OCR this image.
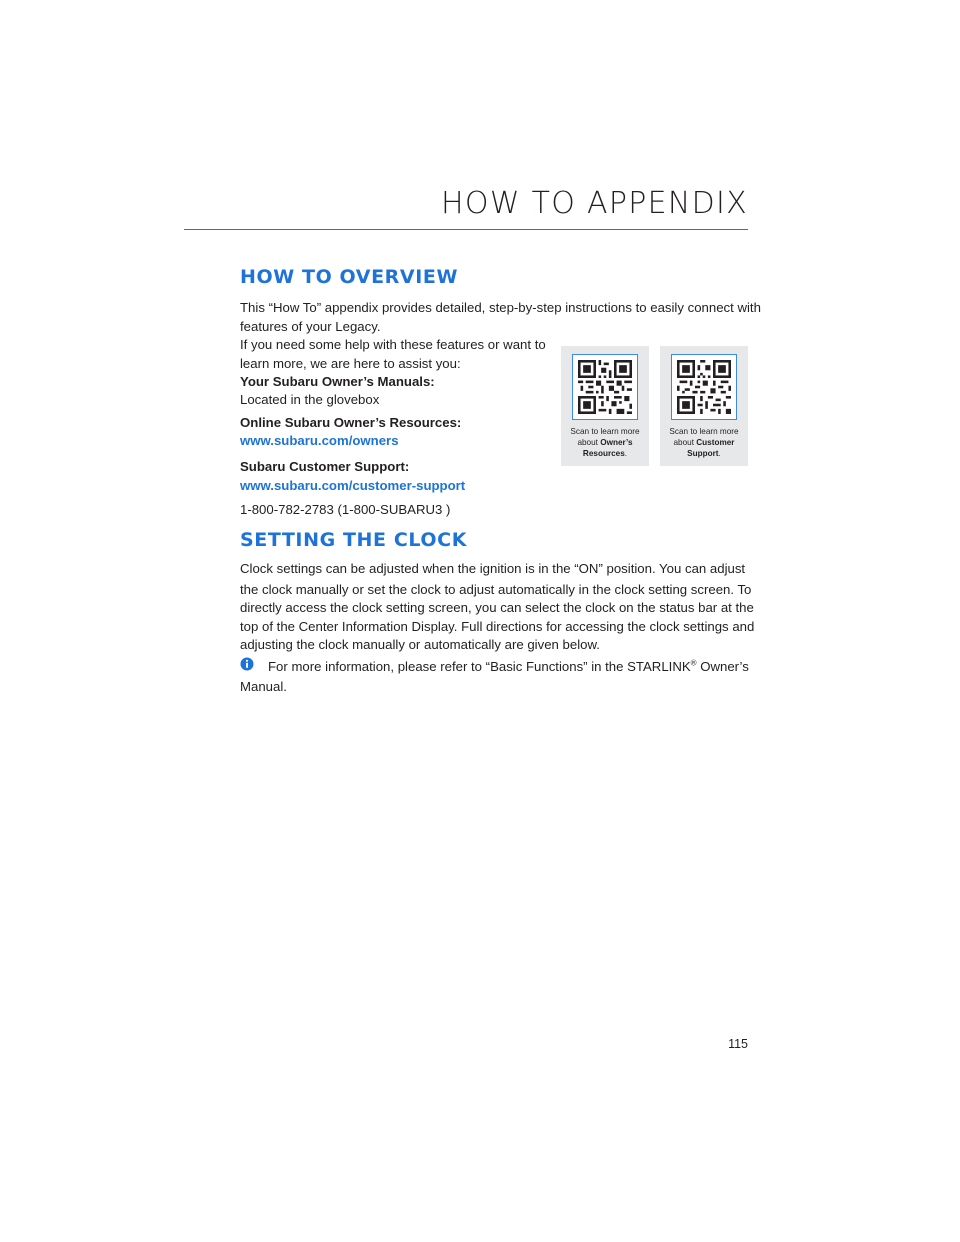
HOW TO APPENDIX
HOW TO OVERVIEW

This “How To” appendix provides detailed, step-by-step instructions to easily connect with

features of your Legacy.

If you need some help with these features or want to

learn more, we are here to assist you:

Your Subaru Owner’s Manuals:

Located in the glovebox

Online Subaru Owner’s Resources:

www.subaru.com/owners

Subaru Customer Support:

www.subaru.com/customer-support

1-800-782-2783 (1-800-SUBARU3 )

Scan to learn more
about Owner’s
Resources.
Scan to learn more
about Customer
Support.
SETTING THE CLOCK

Clock settings can be adjusted when the ignition is in the “ON” position. You can adjust

the clock manually or set the clock to adjust automatically in the clock setting screen. To

directly access the clock setting screen, you can select the clock on the status bar at the

top of the Center Information Display. Full directions for accessing the clock settings and

adjusting the clock manually or automatically are given below.

For more information, please refer to “Basic Functions” in the STARLINK® Owner’s

Manual.

115
